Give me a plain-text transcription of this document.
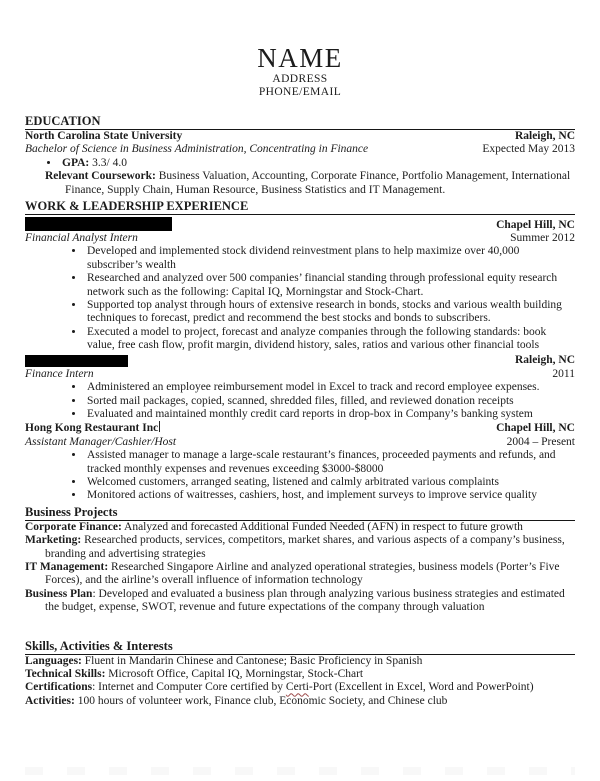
NAME
ADDRESS
PHONE/EMAIL
EDUCATION
North Carolina State University	Raleigh, NC
Bachelor of Science in Business Administration, Concentrating in Finance	Expected May 2013
• GPA: 3.3/ 4.0
Relevant Coursework: Business Valuation, Accounting, Corporate Finance, Portfolio Management, International Finance, Supply Chain, Human Resource, Business Statistics and IT Management.
WORK & LEADERSHIP EXPERIENCE
Chapel Hill, NC
Financial Analyst Intern	Summer 2012
• Developed and implemented stock dividend reinvestment plans to help maximize over 40,000 subscriber’s wealth
• Researched and analyzed over 500 companies’ financial standing through professional equity research network such as the following: Capital IQ, Morningstar and Stock-Chart.
• Supported top analyst through hours of extensive research in bonds, stocks and various wealth building techniques to forecast, predict and recommend the best stocks and bonds to subscribers.
• Executed a model to project, forecast and analyze companies through the following standards: book value, free cash flow, profit margin, dividend history, sales, ratios and various other financial tools
Raleigh, NC
Finance Intern	2011
• Administered an employee reimbursement model in Excel to track and record employee expenses.
• Sorted mail packages, copied, scanned, shredded files, filled, and reviewed donation receipts
• Evaluated and maintained monthly credit card reports in drop-box in Company’s banking system
Hong Kong Restaurant Inc	Chapel Hill, NC
Assistant Manager/Cashier/Host	2004 – Present
• Assisted manager to manage a large-scale restaurant’s finances, proceeded payments and refunds, and tracked monthly expenses and revenues exceeding $3000-$8000
• Welcomed customers, arranged seating, listened and calmly arbitrated various complaints
• Monitored actions of waitresses, cashiers, host, and implement surveys to improve service quality
Business Projects
Corporate Finance: Analyzed and forecasted Additional Funded Needed (AFN) in respect to future growth
Marketing: Researched products, services, competitors, market shares, and various aspects of a company’s business, branding and advertising strategies
IT Management: Researched Singapore Airline and analyzed operational strategies, business models (Porter’s Five Forces), and the airline’s overall influence of information technology
Business Plan: Developed and evaluated a business plan through analyzing various business strategies and estimated the budget, expense, SWOT, revenue and future expectations of the company through valuation
Skills, Activities & Interests
Languages: Fluent in Mandarin Chinese and Cantonese; Basic Proficiency in Spanish
Technical Skills: Microsoft Office, Capital IQ, Morningstar, Stock-Chart
Certifications: Internet and Computer Core certified by Certi-Port (Excellent in Excel, Word and PowerPoint)
Activities: 100 hours of volunteer work, Finance club, Economic Society, and Chinese club
